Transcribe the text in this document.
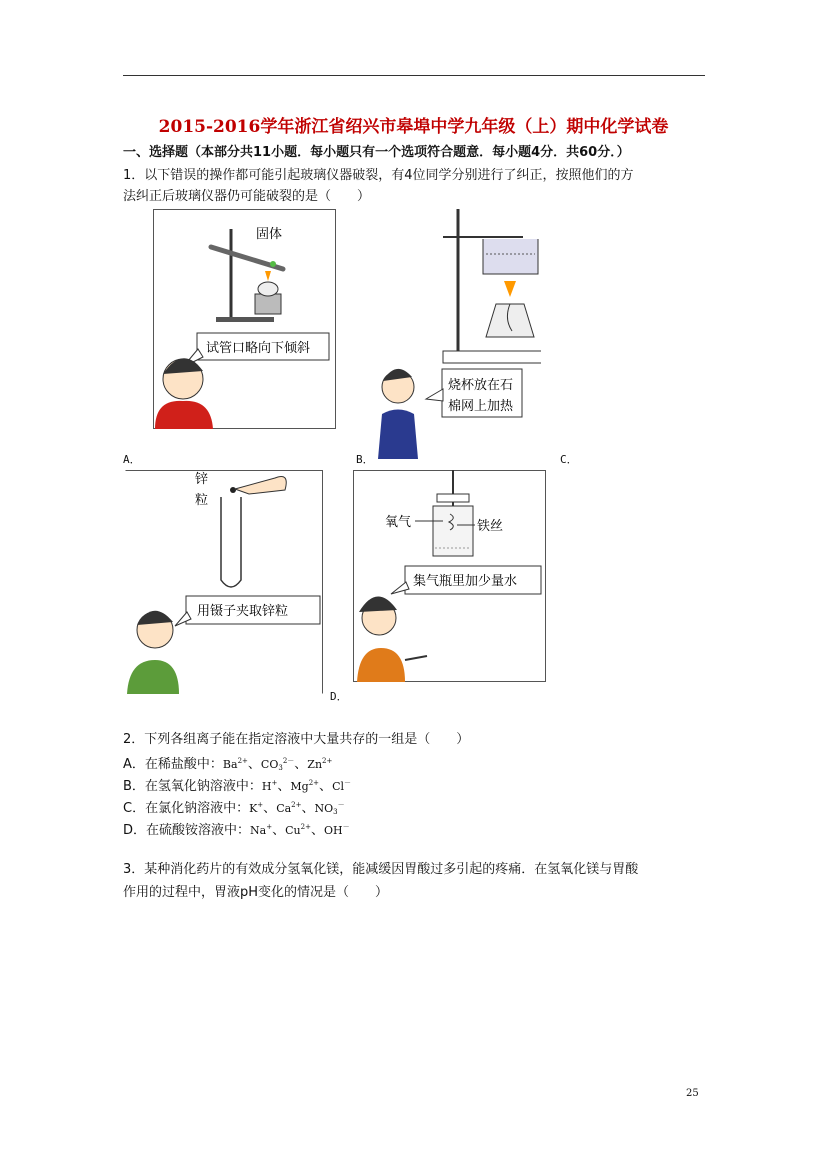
2015-2016学年浙江省绍兴市皋埠中学九年级（上）期中化学试卷
一、选择题（本部分共11小题．每小题只有一个选项符合题意．每小题4分．共60分．）
1．以下错误的操作都可能引起玻璃仪器破裂，有4位同学分别进行了纠正，按照他们的方
法纠正后玻璃仪器仍可能破裂的是（　　）
固体
试管口略向下倾斜
烧杯放在石
棉网上加热
A．	B．	C．
锌
粒
用镊子夹取锌粒
D．
氧气	铁丝
集气瓶里加少量水
2．下列各组离子能在指定溶液中大量共存的一组是（　　）
A．在稀盐酸中：$Ba^{2+}$、$CO_3^{2-}$、$Zn^{2+}$
B．在氢氧化钠溶液中：H+、$Mg^{2+}$、Cl－
C．在氯化钠溶液中：K+、$Ca^{2+}$、$NO_3^-$
D．在硫酸铵溶液中：Na+、$Cu^{2+}$、OH－
3．某种消化药片的有效成分氢氧化镁，能减缓因胃酸过多引起的疼痛．在氢氧化镁与胃酸
作用的过程中，胃液pH变化的情况是（　　）
25
